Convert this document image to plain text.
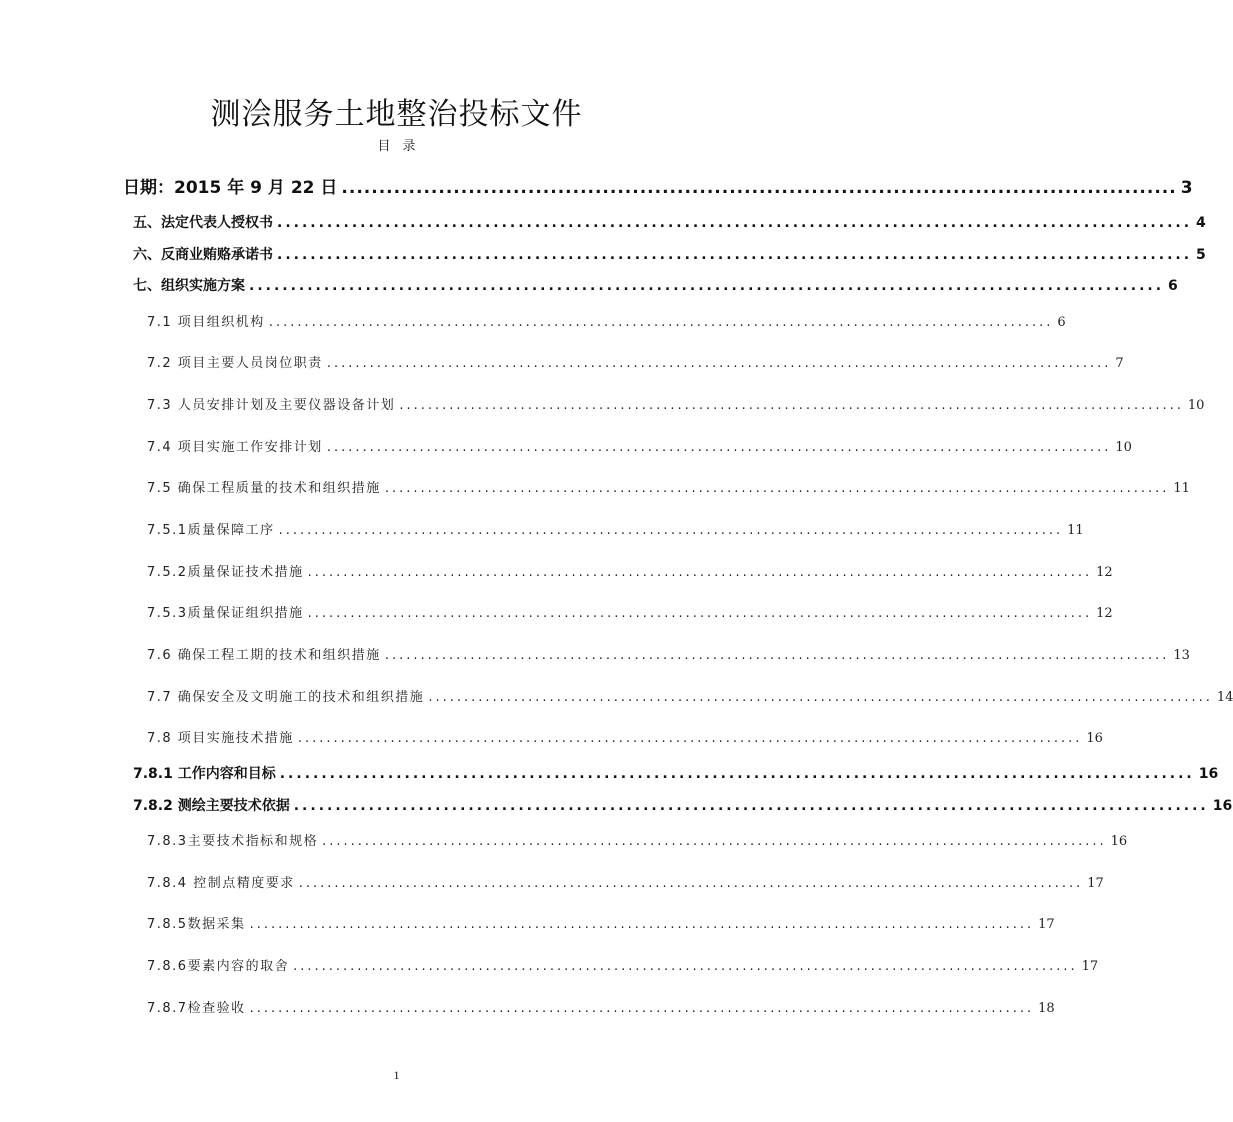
测浍服务土地整治投标文件
目录
日期：2015 年 9 月 22 日 ................................................................................................................ 3
五、法定代表人授权书 .............................................................................................................. 4
六、反商业贿赂承诺书 .............................................................................................................. 5
七、组织实施方案 .............................................................................................................. 6
7.1 项目组织机构 .............................................................................................................. 6
7.2 项目主要人员岗位职责 .............................................................................................................. 7
7.3 人员安排计划及主要仪器设备计划 .............................................................................................................. 10
7.4 项目实施工作安排计划 .............................................................................................................. 10
7.5 确保工程质量的技术和组织措施 .............................................................................................................. 11
7.5.1质量保障工序 .............................................................................................................. 11
7.5.2质量保证技术措施 .............................................................................................................. 12
7.5.3质量保证组织措施 .............................................................................................................. 12
7.6 确保工程工期的技术和组织措施 .............................................................................................................. 13
7.7 确保安全及文明施工的技术和组织措施 .............................................................................................................. 14
7.8 项目实施技术措施 .............................................................................................................. 16
7.8.1 工作内容和目标 .............................................................................................................. 16
7.8.2 测绘主要技术依据 .............................................................................................................. 16
7.8.3主要技术指标和规格 .............................................................................................................. 16
7.8.4 控制点精度要求 .............................................................................................................. 17
7.8.5数据采集 .............................................................................................................. 17
7.8.6要素内容的取舍 .............................................................................................................. 17
7.8.7检查验收 .............................................................................................................. 18
1
